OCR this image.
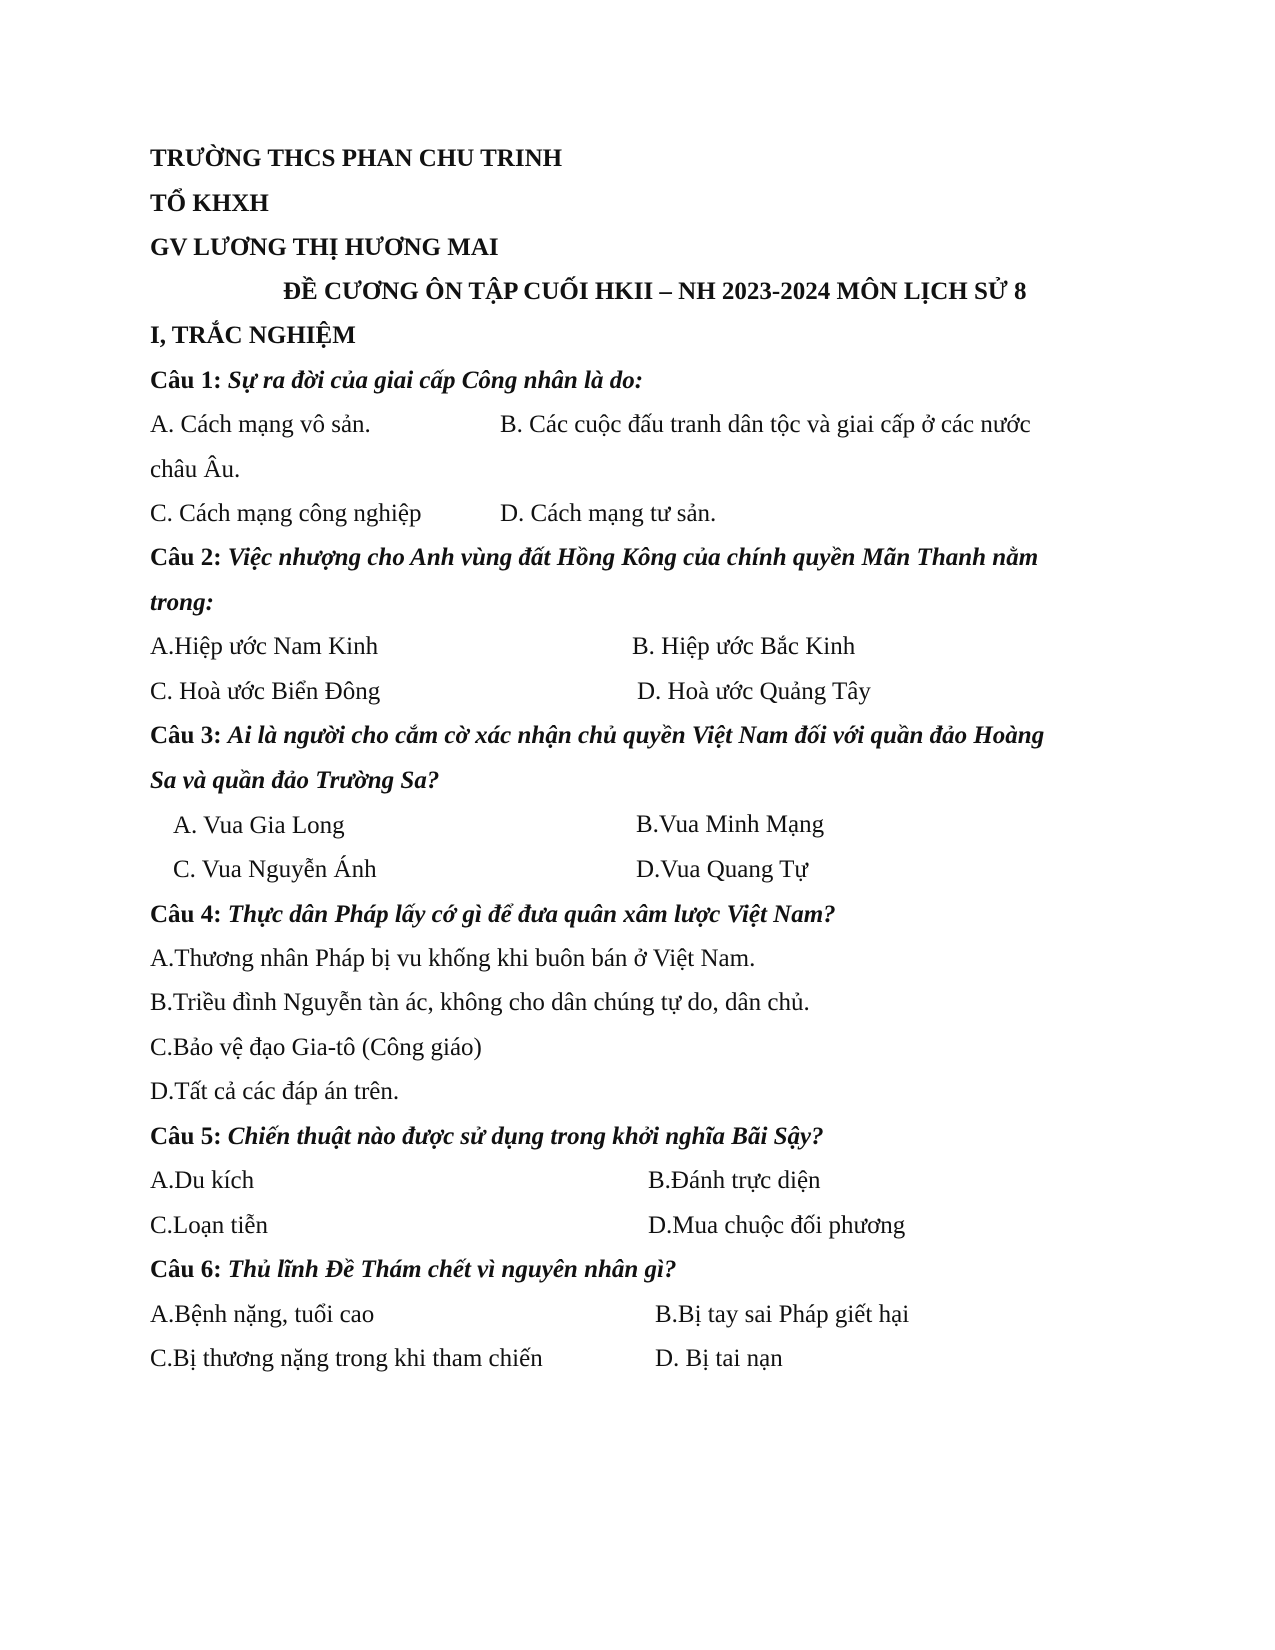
TRƯỜNG THCS PHAN CHU TRINH
TỔ KHXH
GV LƯƠNG THỊ HƯƠNG MAI
ĐỀ CƯƠNG ÔN TẬP CUỐI HKII – NH 2023-2024 MÔN LỊCH SỬ 8
I, TRẮC NGHIỆM
Câu 1: Sự ra đời của giai cấp Công nhân là do:
A. Cách mạng vô sản.	B. Các cuộc đấu tranh dân tộc và giai cấp ở các nước
châu Âu.
C. Cách mạng công nghiệp	D. Cách mạng tư sản.
Câu 2: Việc nhượng cho Anh vùng đất Hồng Kông của chính quyền Mãn Thanh nằm
trong:
A.Hiệp ước Nam Kinh	B. Hiệp ước Bắc Kinh
C. Hoà ước Biển Đông	D. Hoà ước Quảng Tây
Câu 3: Ai là người cho cắm cờ xác nhận chủ quyền Việt Nam đối với quần đảo Hoàng
Sa và quần đảo Trường Sa?
A. Vua Gia Long	B.Vua Minh Mạng
C. Vua Nguyễn Ánh	D.Vua Quang Tự
Câu 4: Thực dân Pháp lấy cớ gì để đưa quân xâm lược Việt Nam?
A.Thương nhân Pháp bị vu khống khi buôn bán ở Việt Nam.
B.Triều đình Nguyễn tàn ác, không cho dân chúng tự do, dân chủ.
C.Bảo vệ đạo Gia-tô (Công giáo)
D.Tất cả các đáp án trên.
Câu 5: Chiến thuật nào được sử dụng trong khởi nghĩa Bãi Sậy?
A.Du kích	B.Đánh trực diện
C.Loạn tiễn	D.Mua chuộc đối phương
Câu 6: Thủ lĩnh Đề Thám chết vì nguyên nhân gì?
A.Bệnh nặng, tuổi cao	B.Bị tay sai Pháp giết hại
C.Bị thương nặng trong khi tham chiến	D. Bị tai nạn
